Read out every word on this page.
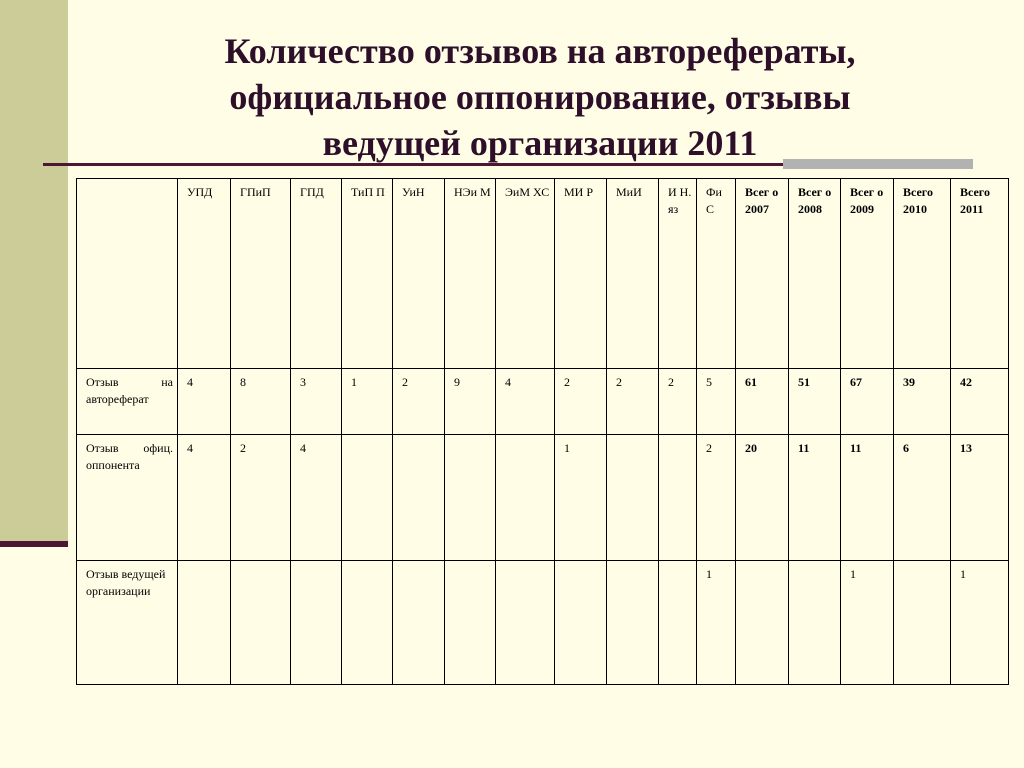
Количество отзывов на авторефераты,
официальное оппонирование, отзывы
ведущей организации 2011
	УПД	ГПиП	ГПД	ТиП П	УиН	НЭи М	ЭиМ ХС	МИ Р	МиИ	И Н. яз	Фи С	Всег о 2007	Всег о 2008	Всег о 2009	Всего 2010	Всего 2011

Отзыв на
автореферат	4	8	3	1	2	9	4	2	2	2	5	61	51	67	39	42

Отзыв офиц.
оппонента	4	2	4					1			2	20	11	11	6	13
Отзыв ведущей организации											1			1		1
